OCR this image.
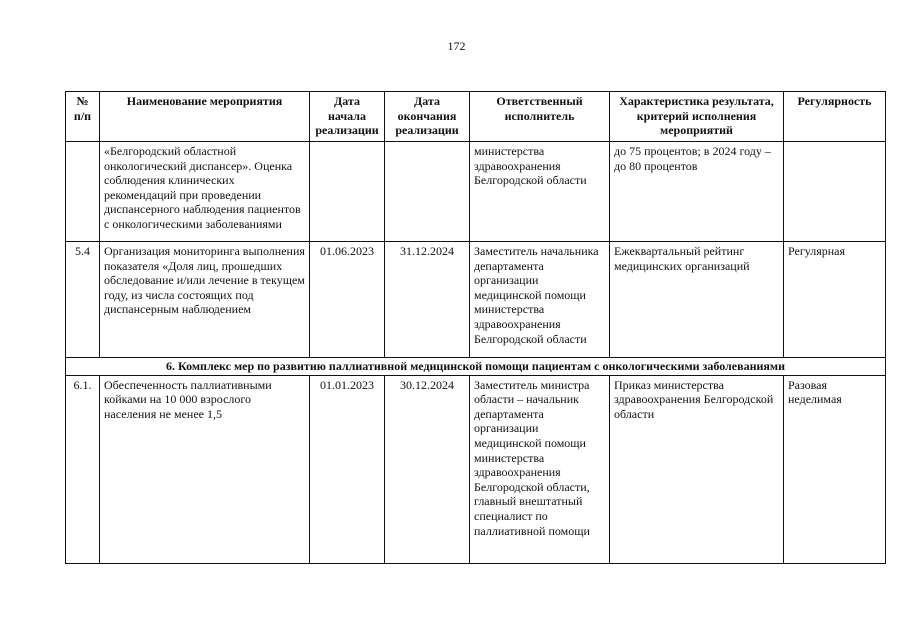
172
№ п/п	Наименование мероприятия	Дата начала реализации	Дата окончания реализации	Ответственный исполнитель	Характеристика результата, критерий исполнения мероприятий	Регулярность
	«Белгородский областной онкологический диспансер». Оценка соблюдения клинических рекомендаций при проведении диспансерного наблюдения пациентов с онкологическими заболеваниями			министерства здравоохранения Белгородской области	до 75 процентов; в 2024 году – до 80 процентов	
5.4	Организация мониторинга выполнения показателя «Доля лиц, прошедших обследование и/или лечение в текущем году, из числа состоящих под диспансерным наблюдением	01.06.2023	31.12.2024	Заместитель начальника департамента организации медицинской помощи министерства здравоохранения Белгородской области	Ежеквартальный рейтинг медицинских организаций	Регулярная
6. Комплекс мер по развитию паллиативной медицинской помощи пациентам с онкологическими заболеваниями						
6.1.	Обеспеченность паллиативными койками на 10 000 взрослого населения не менее 1,5	01.01.2023	30.12.2024	Заместитель министра области – начальник департамента организации медицинской помощи министерства здравоохранения Белгородской области, главный внештатный специалист по паллиативной помощи	Приказ министерства здравоохранения Белгородской области	Разовая неделимая
